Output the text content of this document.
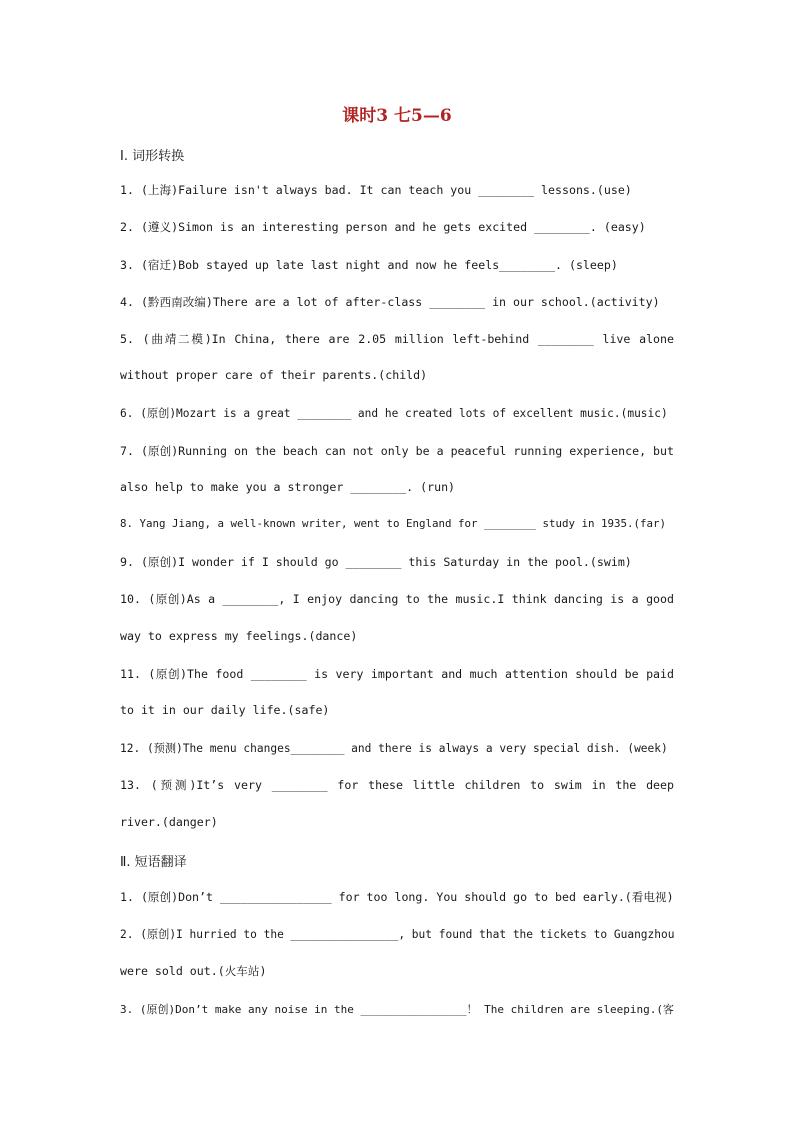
课时3 七5—6
Ⅰ. 词形转换
1. (上海)Failure isn't always bad. It can teach you ________ lessons.(use)
2. (遵义)Simon is an interesting person and he gets excited ________. (easy)
3. (宿迁)Bob stayed up late last night and now he feels________. (sleep)
4. (黔西南改编)There are a lot of after-class ________ in our school.(activity)
5. (曲靖二模)In China, there are 2.05 million left-behind ________ live alone
without proper care of their parents.(child)
6. (原创)Mozart is a great ________ and he created lots of excellent music.(music)
7. (原创)Running on the beach can not only be a peaceful running experience, but
also help to make you a stronger ________. (run)
8. Yang Jiang, a well-known writer, went to England for ________ study in 1935.(far)
9. (原创)I wonder if I should go ________ this Saturday in the pool.(swim)
10. (原创)As a ________, I enjoy dancing to the music.I think dancing is a good
way to express my feelings.(dance)
11. (原创)The food ________ is very important and much attention should be paid
to it in our daily life.(safe)
12. (预测)The menu changes________ and there is always a very special dish. (week)
13. (预测)It’s very ________ for these little children to swim in the deep
river.(danger)
Ⅱ. 短语翻译
1. (原创)Don’t ________________ for too long. You should go to bed early.(看电视)
2. (原创)I hurried to the ________________, but found that the tickets to Guangzhou
were sold out.(火车站)
3. (原创)Don’t make any noise in the ________________！ The children are sleeping.(客
